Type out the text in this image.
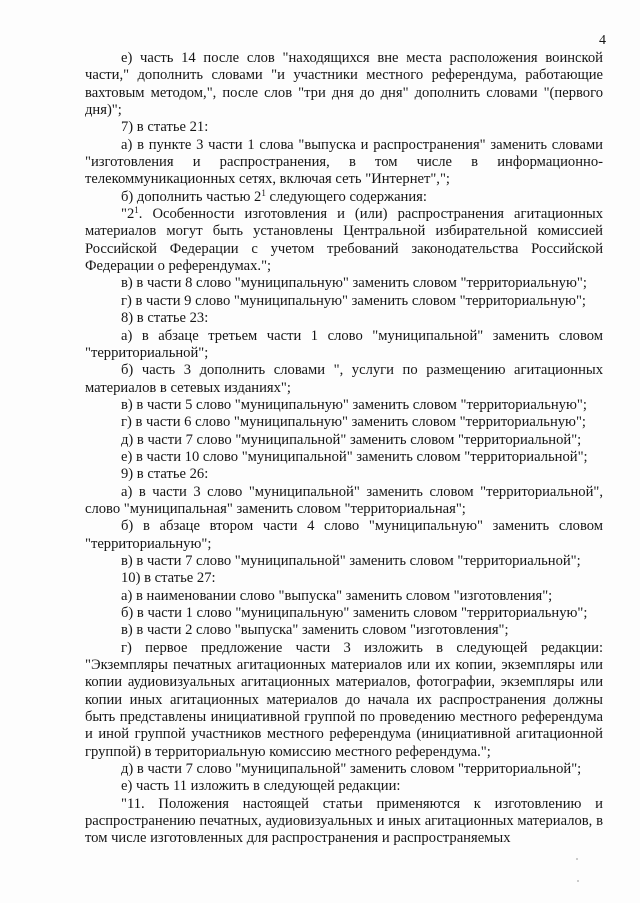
4

е) часть 14 после слов "находящихся вне места расположения воинской части," дополнить словами "и участники местного референдума, работающие вахтовым методом,", после слов "три дня до дня" дополнить словами "(первого дня)";

7) в статье 21:

а) в пункте 3 части 1 слова "выпуска и распространения" заменить словами "изготовления и распространения, в том числе в информационно-телекоммуникационных сетях, включая сеть "Интернет",";

б) дополнить частью $2^1$ следующего содержания:

"$2^1$. Особенности изготовления и (или) распространения агитационных материалов могут быть установлены Центральной избирательной комиссией Российской Федерации с учетом требований законодательства Российской Федерации о референдумах.";

в) в части 8 слово "муниципальную" заменить словом "территориальную";

г) в части 9 слово "муниципальную" заменить словом "территориальную";

8) в статье 23:

а) в абзаце третьем части 1 слово "муниципальной" заменить словом "территориальной";

б) часть 3 дополнить словами ", услуги по размещению агитационных материалов в сетевых изданиях";

в) в части 5 слово "муниципальную" заменить словом "территориальную";

г) в части 6 слово "муниципальную" заменить словом "территориальную";

д) в части 7 слово "муниципальной" заменить словом "территориальной";

е) в части 10 слово "муниципальной" заменить словом "территориальной";

9) в статье 26:

а) в части 3 слово "муниципальной" заменить словом "территориальной", слово "муниципальная" заменить словом "территориальная";

б) в абзаце втором части 4 слово "муниципальную" заменить словом "территориальную";

в) в части 7 слово "муниципальной" заменить словом "территориальной";

10) в статье 27:

а) в наименовании слово "выпуска" заменить словом "изготовления";

б) в части 1 слово "муниципальную" заменить словом "территориальную";

в) в части 2 слово "выпуска" заменить словом "изготовления";

г) первое предложение части 3 изложить в следующей редакции: "Экземпляры печатных агитационных материалов или их копии, экземпляры или копии аудиовизуальных агитационных материалов, фотографии, экземпляры или копии иных агитационных материалов до начала их распространения должны быть представлены инициативной группой по проведению местного референдума и иной группой участников местного референдума (инициативной агитационной группой) в территориальную комиссию местного референдума.";

д) в части 7 слово "муниципальной" заменить словом "территориальной";

е) часть 11 изложить в следующей редакции:

"11. Положения настоящей статьи применяются к изготовлению и распространению печатных, аудиовизуальных и иных агитационных материалов, в том числе изготовленных для распространения и распространяемых
